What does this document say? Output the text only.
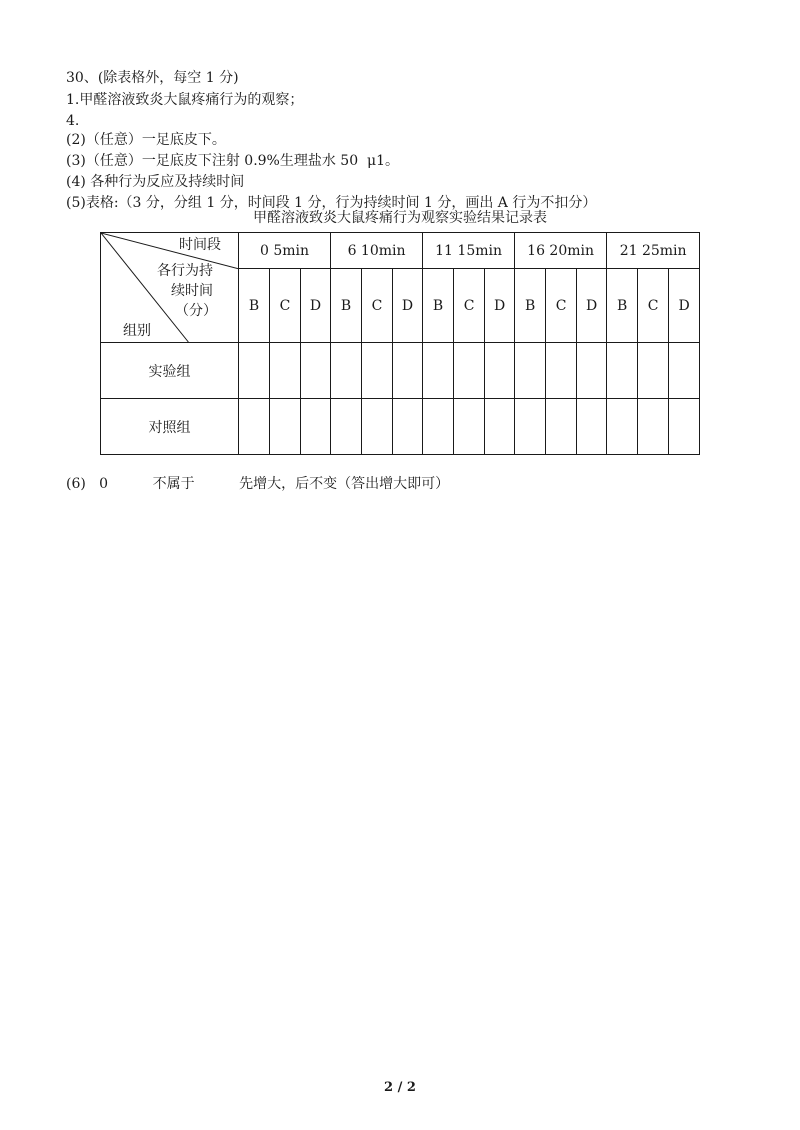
30、(除表格外，每空 1 分)
1.甲醛溶液致炎大鼠疼痛行为的观察；
4.
(2)（任意）一足底皮下。
(3)（任意）一足底皮下注射 0.9%生理盐水 50  μ1。
(4) 各种行为反应及持续时间
(5)表格:（3 分，分组 1 分，时间段 1 分，行为持续时间 1 分，画出 A 行为不扣分）
甲醛溶液致炎大鼠疼痛行为观察实验结果记录表
时间段
各行为持
续时间
（分）
组别	0 5min			6 10min			11 15min			16 20min			21 25min		
	B	C	D	B	C	D	B	C	D	B	C	D	B	C	D
实验组															
对照组															
(6)   0          不属于          先增大，后不变（答出增大即可）
2 / 2
